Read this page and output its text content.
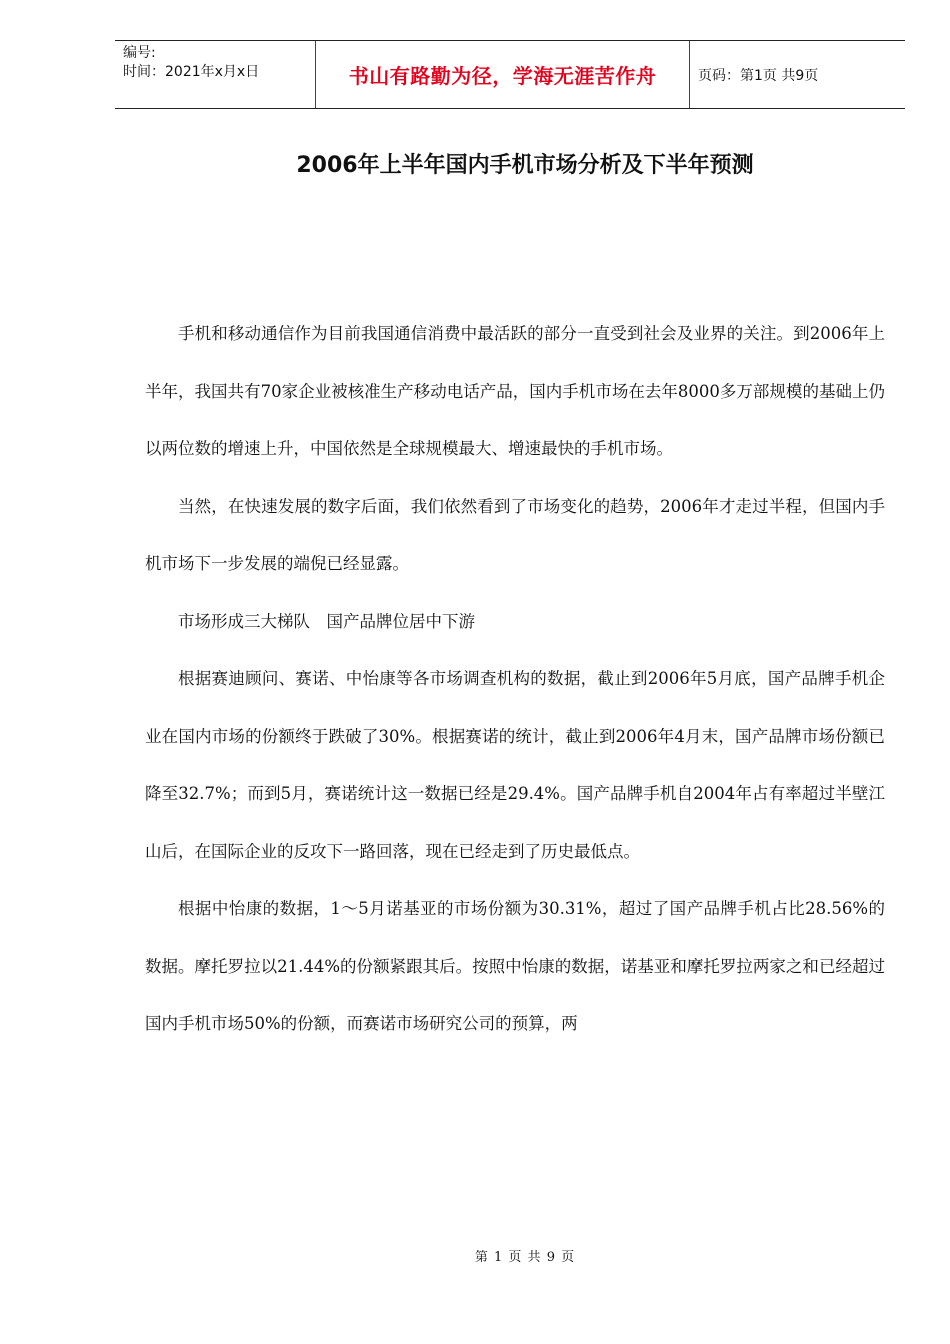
编号:
时间：2021年x月x日	书山有路勤为径，学海无涯苦作舟	页码：第1页 共9页
2006年上半年国内手机市场分析及下半年预测

手机和移动通信作为目前我国通信消费中最活跃的部分一直受到社会及业界的关注。到2006年上半年，我国共有70家企业被核准生产移动电话产品，国内手机市场在去年8000多万部规模的基础上仍以两位数的增速上升，中国依然是全球规模最大、增速最快的手机市场。

当然，在快速发展的数字后面，我们依然看到了市场变化的趋势，2006年才走过半程，但国内手机市场下一步发展的端倪已经显露。

市场形成三大梯队　国产品牌位居中下游

根据赛迪顾问、赛诺、中怡康等各市场调查机构的数据，截止到2006年5月底，国产品牌手机企业在国内市场的份额终于跌破了30%。根据赛诺的统计，截止到2006年4月末，国产品牌市场份额已降至32.7%；而到5月，赛诺统计这一数据已经是29.4%。国产品牌手机自2004年占有率超过半壁江山后，在国际企业的反攻下一路回落，现在已经走到了历史最低点。

根据中怡康的数据，1～5月诺基亚的市场份额为30.31%，超过了国产品牌手机占比28.56%的数据。摩托罗拉以21.44%的份额紧跟其后。按照中怡康的数据，诺基亚和摩托罗拉两家之和已经超过国内手机市场50%的份额，而赛诺市场研究公司的预算，两

第 1 页 共 9 页
